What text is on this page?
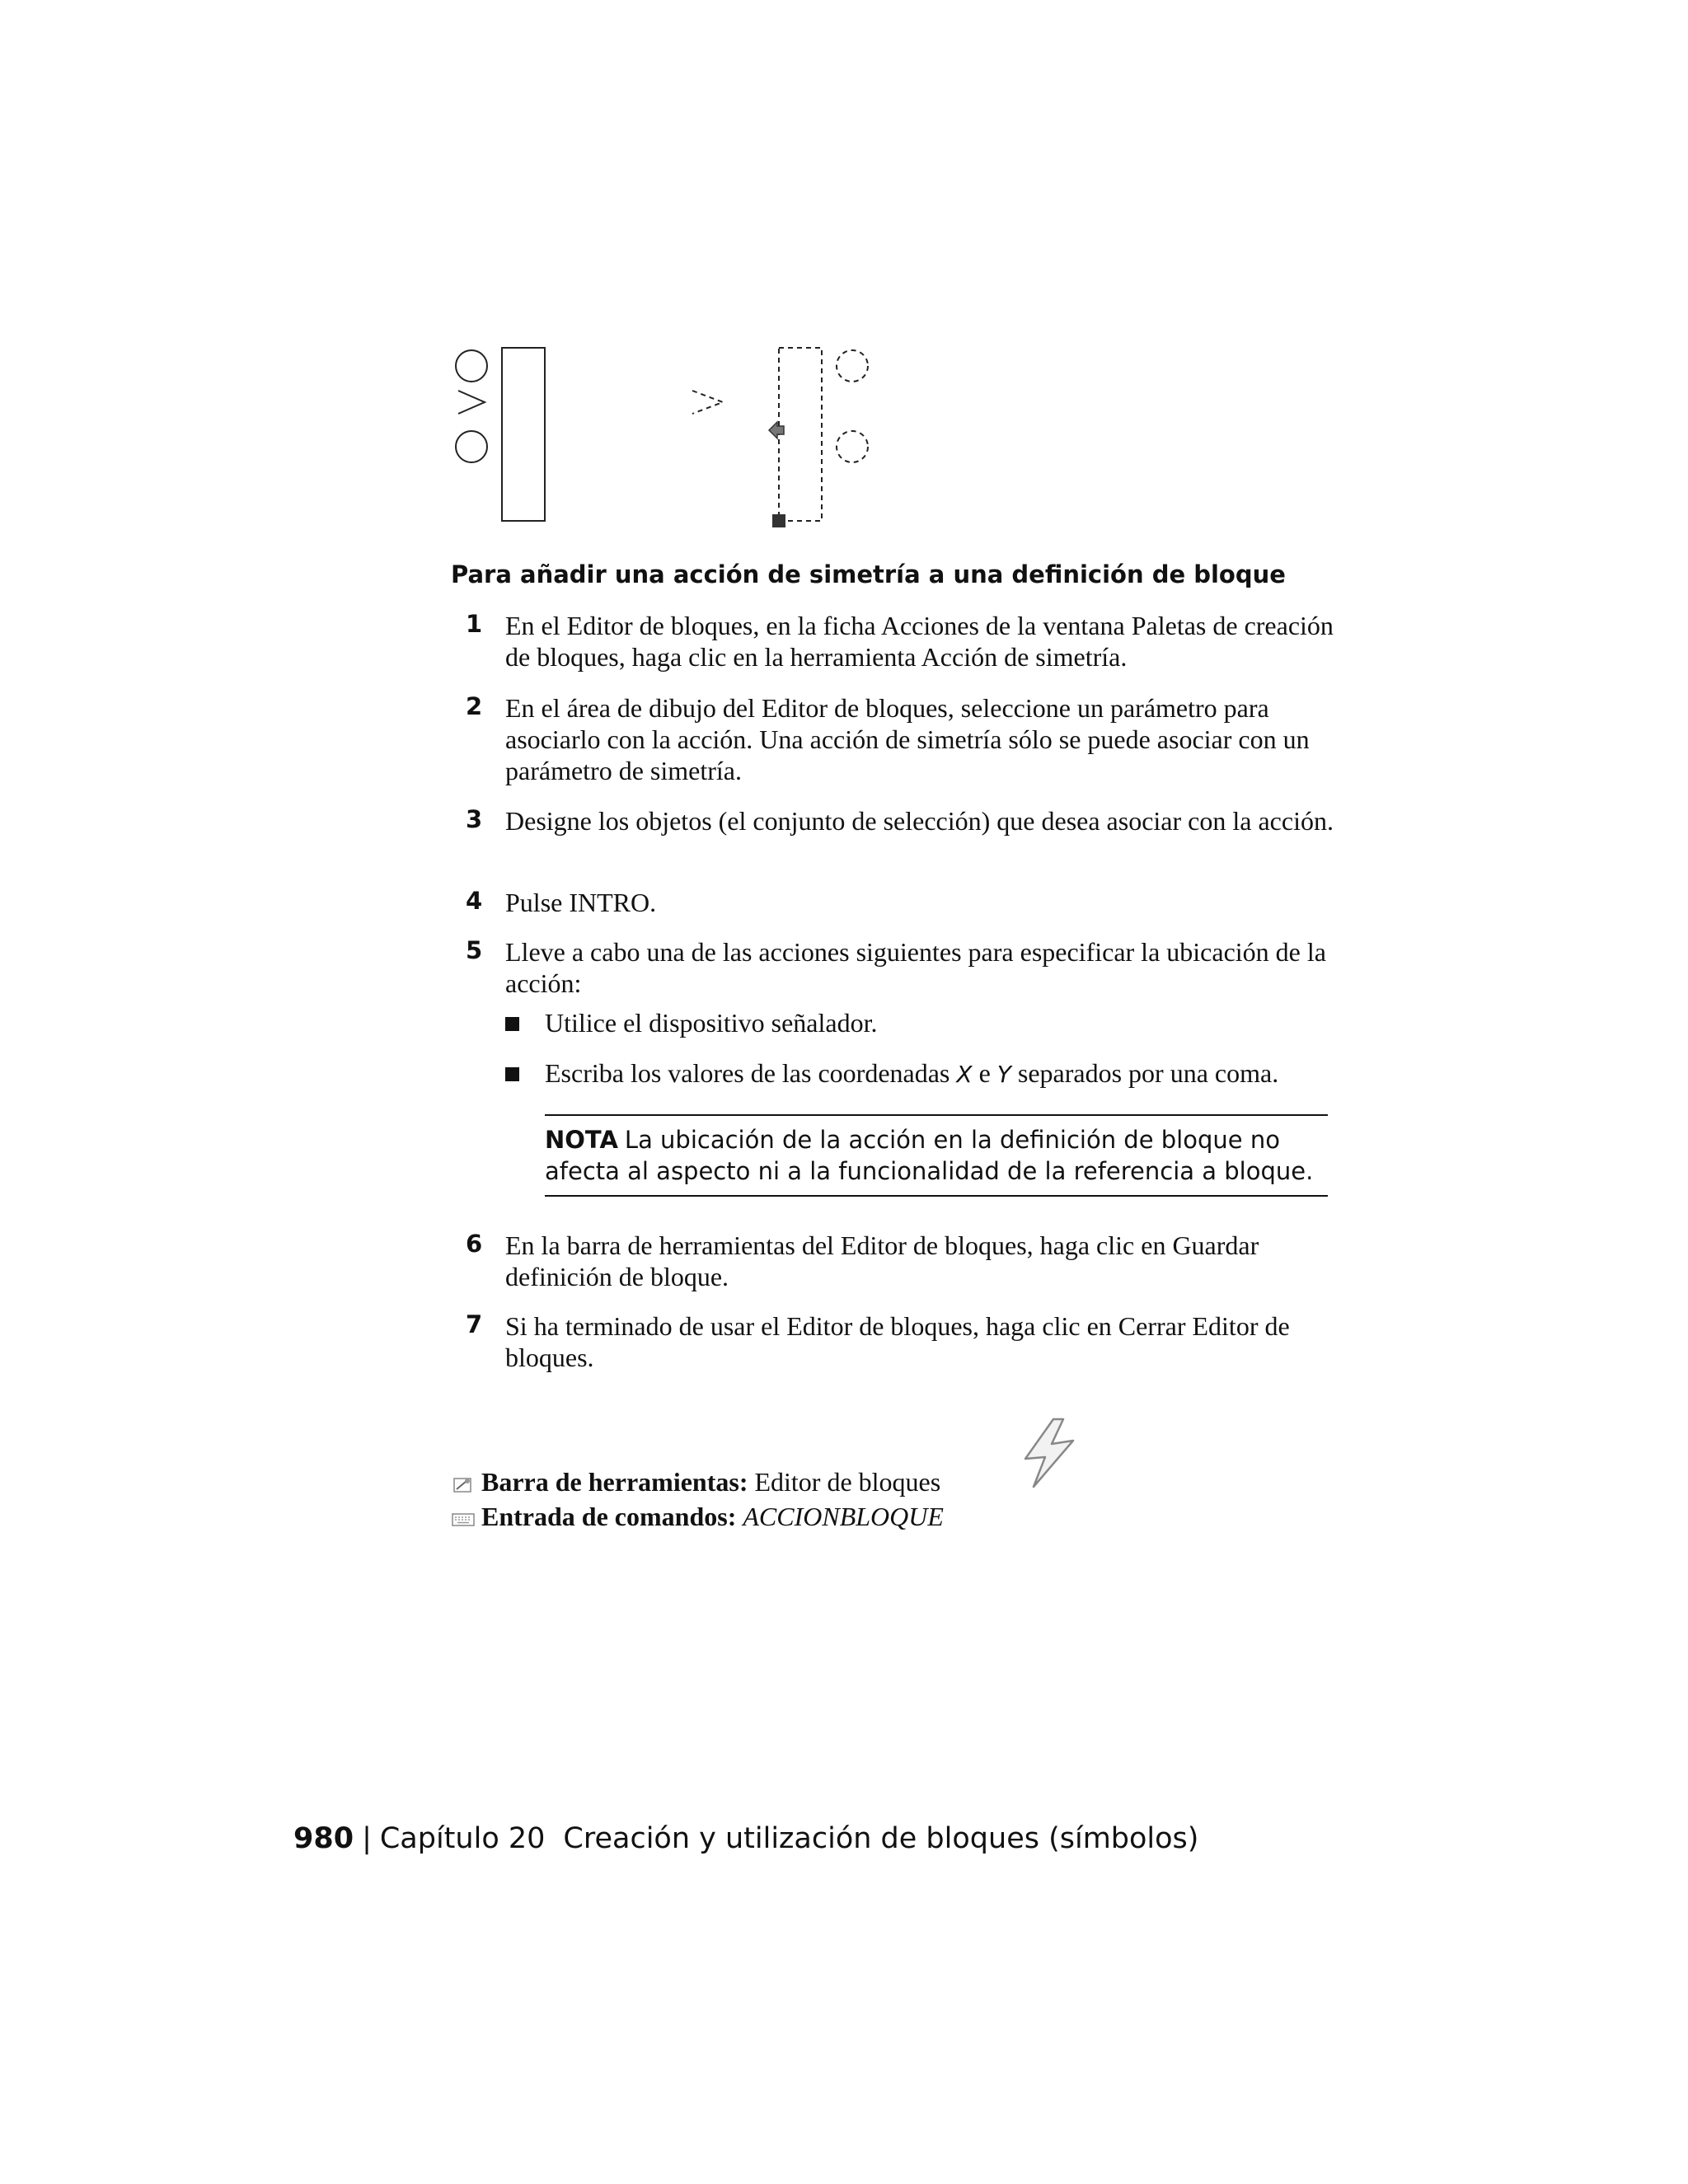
Para añadir una acción de simetría a una definición de bloque
1 En el Editor de bloques, en la ficha Acciones de la ventana Paletas de creación de bloques, haga clic en la herramienta Acción de simetría.
2 En el área de dibujo del Editor de bloques, seleccione un parámetro para asociarlo con la acción. Una acción de simetría sólo se puede asociar con un parámetro de simetría.
3 Designe los objetos (el conjunto de selección) que desea asociar con la acción.
4 Pulse INTRO.
5 Lleve a cabo una de las acciones siguientes para especificar la ubicación de la acción:
Utilice el dispositivo señalador.
Escriba los valores de las coordenadas X e Y separados por una coma.
NOTA La ubicación de la acción en la definición de bloque no afecta al aspecto ni a la funcionalidad de la referencia a bloque.
6 En la barra de herramientas del Editor de bloques, haga clic en Guardar definición de bloque.
7 Si ha terminado de usar el Editor de bloques, haga clic en Cerrar Editor de bloques.
Barra de herramientas: Editor de bloques
Entrada de comandos: ACCIONBLOQUE
980 | Capítulo 20 Creación y utilización de bloques (símbolos)
